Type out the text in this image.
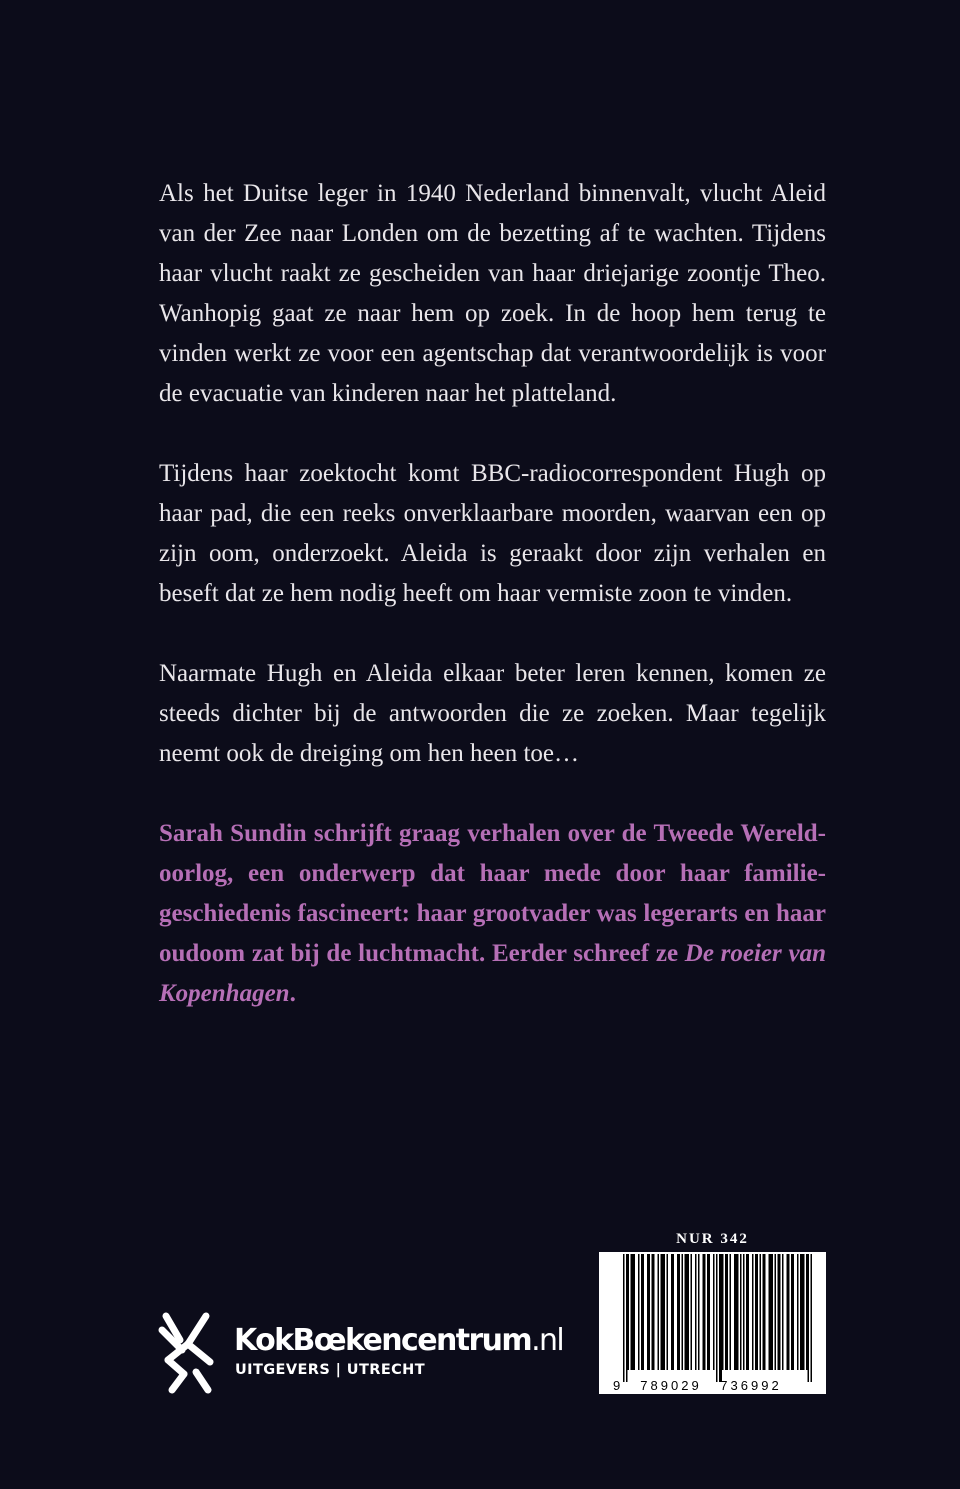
Als het Duitse leger in 1940 Nederland binnenvalt, vlucht Aleid van der Zee naar Londen om de bezetting af te wachten. Tijdens haar vlucht raakt ze gescheiden van haar driejarige zoontje Theo. Wanhopig gaat ze naar hem op zoek. In de hoop hem terug te vinden werkt ze voor een agentschap dat verantwoordelijk is voor de evacuatie van kinderen naar het platteland.

Tijdens haar zoektocht komt BBC-radiocorrespondent Hugh op haar pad, die een reeks onverklaarbare moorden, waarvan een op zijn oom, onderzoekt. Aleida is geraakt door zijn verhalen en beseft dat ze hem nodig heeft om haar vermiste zoon te vinden.

Naarmate Hugh en Aleida elkaar beter leren kennen, komen ze steeds dichter bij de antwoorden die ze zoeken. Maar tegelijk neemt ook de dreiging om hen heen toe…

Sarah Sundin schrijft graag verhalen over de Tweede Wereldoorlog, een onderwerp dat haar mede door haar familiegeschiedenis fascineert: haar grootvader was legerarts en haar oudoom zat bij de luchtmacht. Eerder schreef ze De roeier van Kopenhagen.

KokBœkencentrum.nl
UITGEVERS | UTRECHT
NUR 342
9 789029 736992
